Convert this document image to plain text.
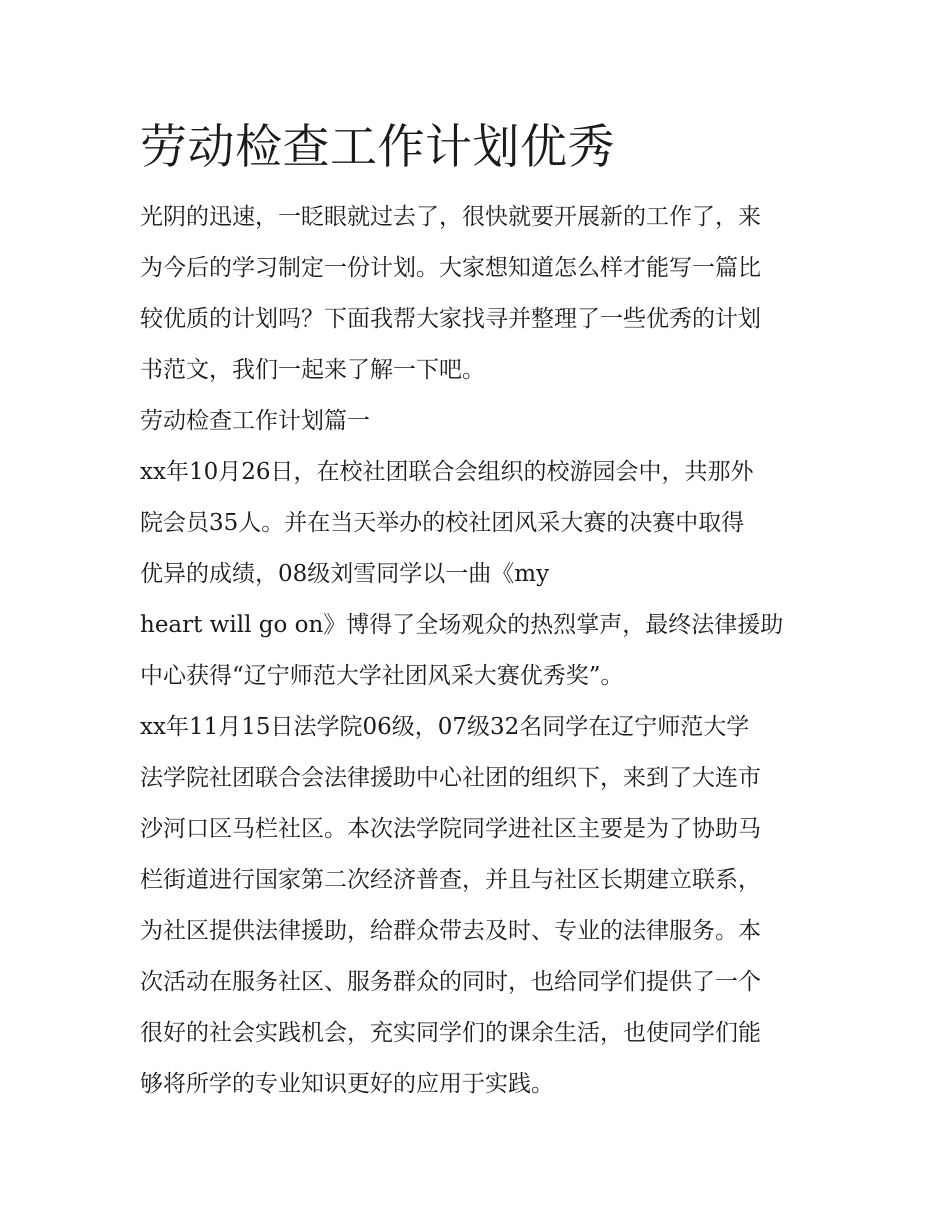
劳动检查工作计划优秀

光阴的迅速，一眨眼就过去了，很快就要开展新的工作了，来

为今后的学习制定一份计划。大家想知道怎么样才能写一篇比

较优质的计划吗？下面我帮大家找寻并整理了一些优秀的计划

书范文，我们一起来了解一下吧。

劳动检查工作计划篇一

xx年10月26日，在校社团联合会组织的校游园会中，共那外

院会员35人。并在当天举办的校社团风采大赛的决赛中取得

优异的成绩，08级刘雪同学以一曲《my

heart will go on》博得了全场观众的热烈掌声，最终法律援助

中心获得“辽宁师范大学社团风采大赛优秀奖”。

xx年11月15日法学院06级，07级32名同学在辽宁师范大学

法学院社团联合会法律援助中心社团的组织下，来到了大连市

沙河口区马栏社区。本次法学院同学进社区主要是为了协助马

栏街道进行国家第二次经济普查，并且与社区长期建立联系，

为社区提供法律援助，给群众带去及时、专业的法律服务。本

次活动在服务社区、服务群众的同时，也给同学们提供了一个

很好的社会实践机会，充实同学们的课余生活，也使同学们能

够将所学的专业知识更好的应用于实践。
